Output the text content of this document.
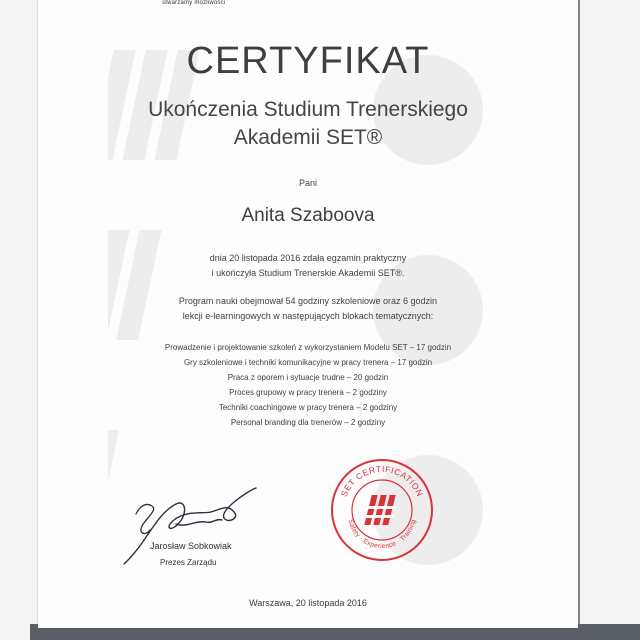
stwarzamy możliwości
CERTYFIKAT
Ukończenia Studium Trenerskiego
Akademii SET®
Pani
Anita Szaboova
dnia 20 listopada 2016 zdała egzamin praktyczny
i ukończyła Studium Trenerskie Akademii SET®.
Program nauki obejmował 54 godziny szkoleniowe oraz 6 godzin
lekcji e-learningowych w następujących blokach tematycznych:
Prowadzenie i projektowanie szkoleń z wykorzystaniem Modelu SET – 17 godzin
Gry szkoleniowe i techniki komunikacyjne w pracy trenera – 17 godzin
Praca z oporem i sytuacje trudne – 20 godzin
Proces grupowy w pracy trenera – 2 godziny
Techniki coachingowe w pracy trenera – 2 godziny
Personal branding dla trenerów – 2 godziny
Jarosław Sobkowiak
Prezes Zarządu
SET CERTIFICATION
Safety · Experience · Training
Warszawa, 20 listopada 2016
